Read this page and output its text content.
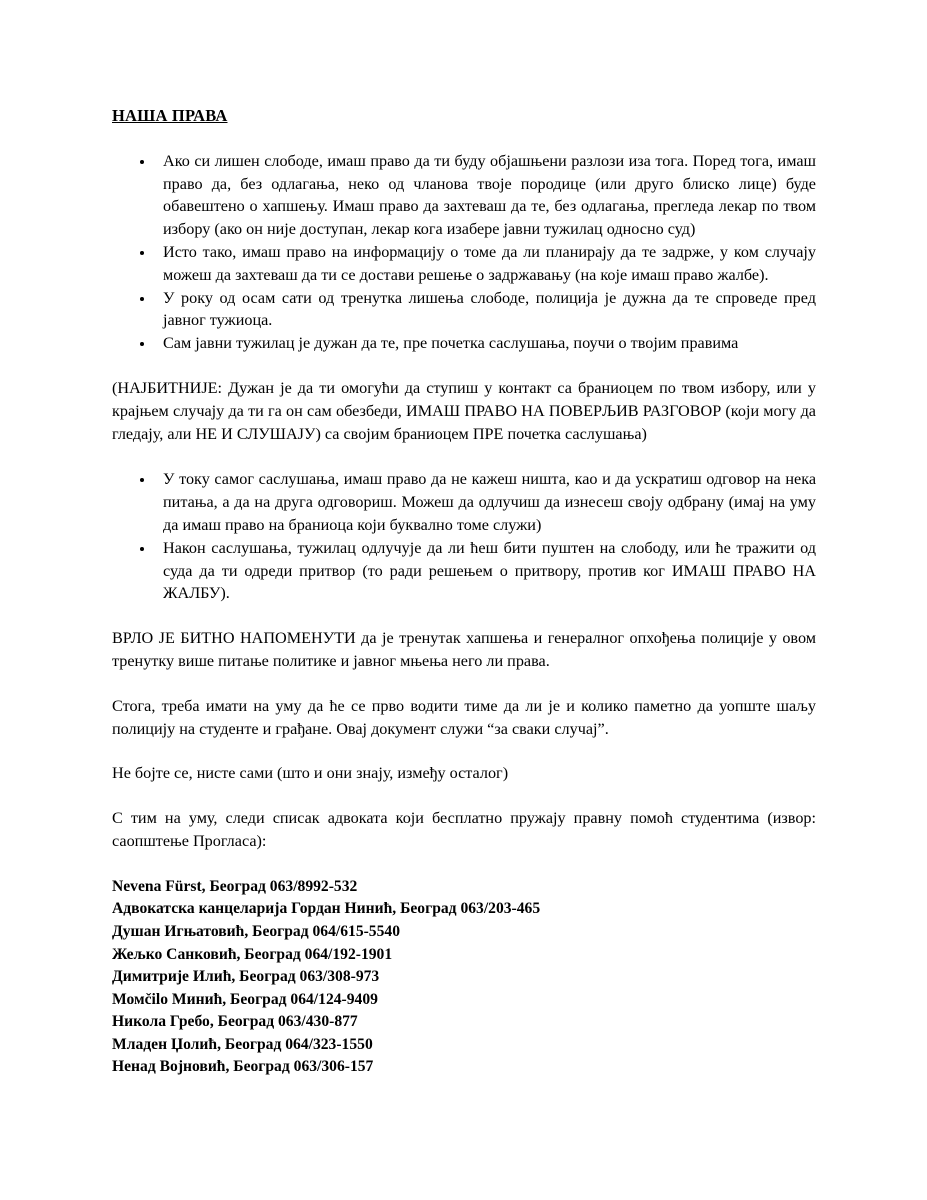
НАША ПРАВА
Ако си лишен слободе, имаш право да ти буду објашњени разлози иза тога. Поред тога, имаш право да, без одлагања, неко од чланова твоје породице (или друго блиско лице) буде обавештено о хапшењу. Имаш право да захтеваш да те, без одлагања, прегледа лекар по твом избору (ако он није доступан, лекар кога изабере јавни тужилац односно суд)
Исто тако, имаш право на информацију о томе да ли планирају да те задрже, у ком случају можеш да захтеваш да ти се достави решење о задржавању (на које имаш право жалбе).
У року од осам сати од тренутка лишења слободе, полиција је дужна да те спроведе пред јавног тужиоца.
Сам јавни тужилац је дужан да те, пре почетка саслушања, поучи о твојим правима

(НАЈБИТНИЈЕ: Дужан је да ти омогући да ступиш у контакт са браниоцем по твом избору, или у крајњем случају да ти га он сам обезбеди, ИМАШ ПРАВО НА ПОВЕРЉИВ РАЗГОВОР (који могу да гледају, али НЕ И СЛУШАЈУ) са својим браниоцем ПРЕ почетка саслушања)

У току самог саслушања, имаш право да не кажеш ништа, као и да ускратиш одговор на нека питања, а да на друга одговориш. Можеш да одлучиш да изнесеш своју одбрану (имај на уму да имаш право на браниоца који буквално томе служи)
Након саслушања, тужилац одлучује да ли ћеш бити пуштен на слободу, или ће тражити од суда да ти одреди притвор (то ради решењем о притвору, против ког ИМАШ ПРАВО НА ЖАЛБУ).

ВРЛО ЈЕ БИТНО НАПОМЕНУТИ да је тренутак хапшења и генералног опхођења полиције у овом тренутку више питање политике и јавног мњења него ли права.

Стога, треба имати на уму да ће се прво водити тиме да ли је и колико паметно да уопште шаљу полицију на студенте и грађане. Овај документ служи “за сваки случај”.

Не бојте се, нисте сами (што и они знају, између осталог)

С тим на уму, следи списак адвоката који бесплатно пружају правну помоћ студентима (извор: саопштење Прогласа):

Nevena Fürst, Београд 063/8992-532
Адвокатска канцеларија Гордан Нинић, Београд 063/203-465
Душан Игњатовић, Београд 064/615-5540
Жељко Санковић, Београд 064/192-1901
Димитрије Илић, Београд 063/308-973
Момčilo Минић, Београд 064/124-9409
Никола Гребо, Београд 063/430-877
Младен Џолић, Београд 064/323-1550
Ненад Војновић, Београд 063/306-157
